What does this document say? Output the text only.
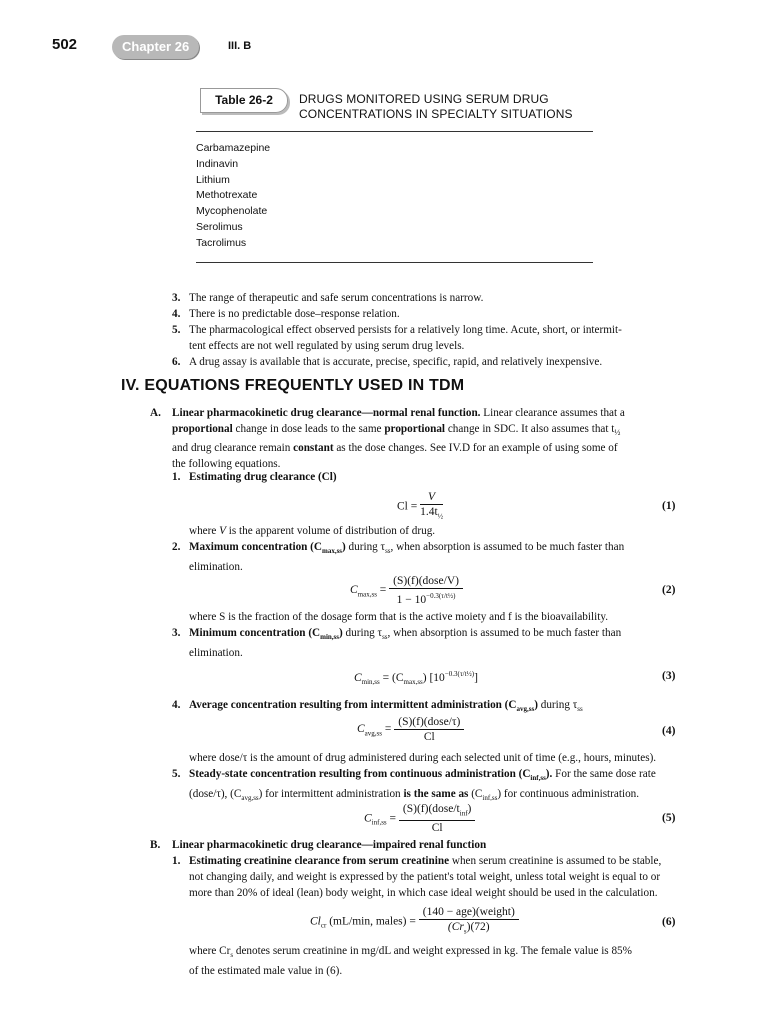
502	Chapter 26	III. B
Table 26-2	DRUGS MONITORED USING SERUM DRUG
CONCENTRATIONS IN SPECIALTY SITUATIONS
Carbamazepine
Indinavin
Lithium
Methotrexate
Mycophenolate
Serolimus
Tacrolimus
3. The range of therapeutic and safe serum concentrations is narrow.
4. There is no predictable dose–response relation.
5. The pharmacological effect observed persists for a relatively long time. Acute, short, or intermit-
tent effects are not well regulated by using serum drug levels.
6. A drug assay is available that is accurate, precise, specific, rapid, and relatively inexpensive.
IV. EQUATIONS FREQUENTLY USED IN TDM
A. Linear pharmacokinetic drug clearance—normal renal function. Linear clearance assumes that a
proportional change in dose leads to the same proportional change in SDC. It also assumes that $t_{\frac{1}{2}}$
and drug clearance remain constant as the dose changes. See IV.D for an example of using some of
the following equations.
1. Estimating drug clearance (Cl)
$Cl = \frac{V}{1.4t_{\frac{1}{2}}}$	(1)
where V is the apparent volume of distribution of drug.
2. Maximum concentration $(C_{max,ss})$ during $\tau_{ss}$, when absorption is assumed to be much faster than
elimination.
$C_{max,ss} = \frac{\text{(S)(f)(dose/V)}}{1 - 10^{-0.3(\tau/t\frac{1}{2})}}$	(2)
where S is the fraction of the dosage form that is the active moiety and f is the bioavailability.
3. Minimum concentration $(C_{min,ss})$ during $\tau_{ss}$, when absorption is assumed to be much faster than
elimination.
$C_{min,ss} = (C_{max,ss})$ $[10^{-0.3(\tau/t\frac{1}{2})}]$	(3)
4. Average concentration resulting from intermittent administration $(C_{avg,ss})$ during $\tau_{ss}$
$C_{avg,ss} = \frac{\text{(S)(f)(dose/τ)}}{Cl}$	(4)
where dose/τ is the amount of drug administered during each selected unit of time (e.g., hours, minutes).
5. Steady-state concentration resulting from continuous administration $(C_{inf,ss})$. For the same dose rate
(dose/τ), $(C_{avg,ss})$ for intermittent administration is the same as $(C_{inf,ss})$ for continuous administration.
$C_{inf,ss} = \frac{(S)(f)(dose/t_{inf})}{Cl}$	(5)
B. Linear pharmacokinetic drug clearance—impaired renal function
1. Estimating creatinine clearance from serum creatinine when serum creatinine is assumed to be stable,
not changing daily, and weight is expressed by the patient's total weight, unless total weight is equal to or
more than 20% of ideal (lean) body weight, in which case ideal weight should be used in the calculation.
$Cl_{cr}$ (mL/min, males) = $\frac{\text{(140 − age)(weight)}}{(Cr_s)(72)}$	(6)
where $Cr_s$ denotes serum creatinine in mg/dL and weight expressed in kg. The female value is 85%
of the estimated male value in (6).
